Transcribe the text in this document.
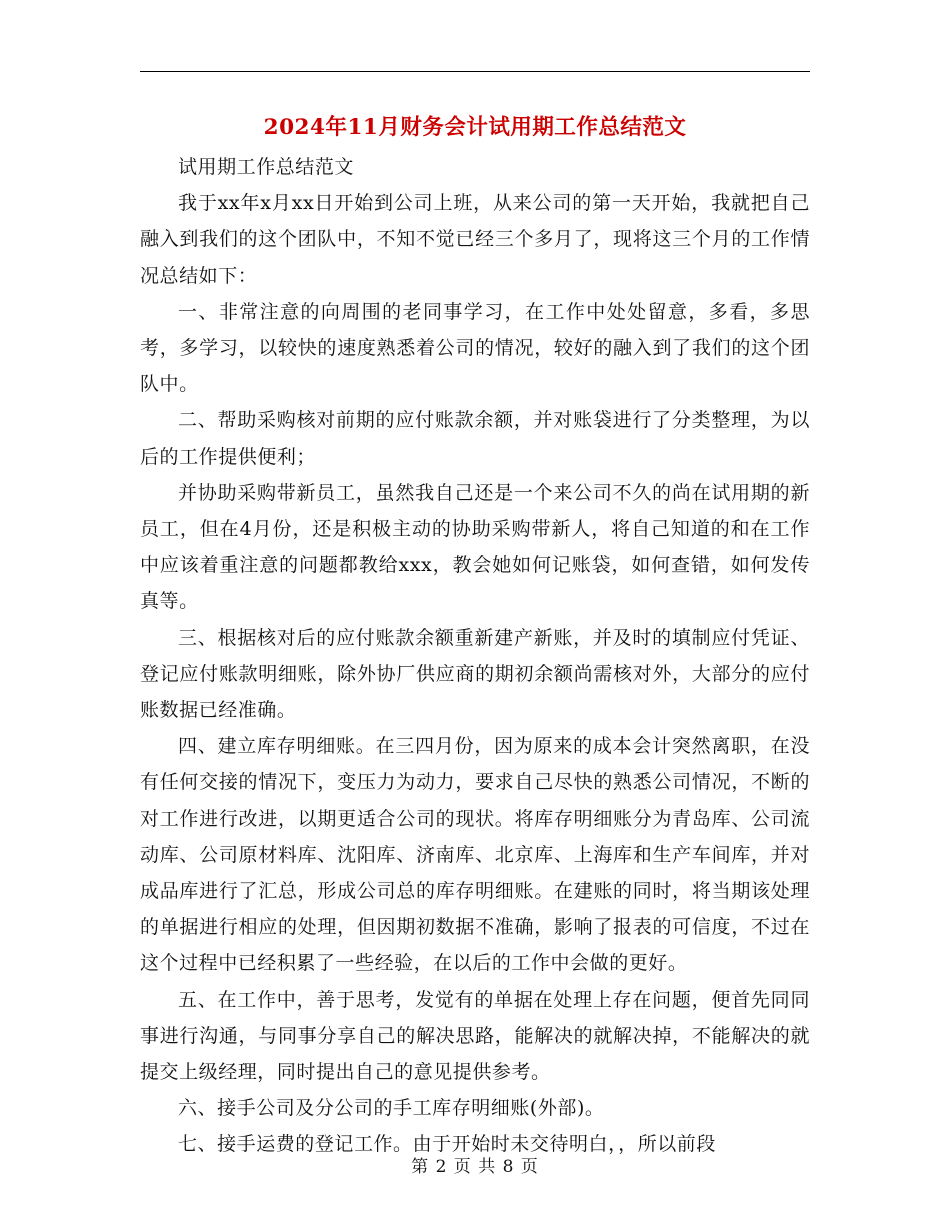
2024年11月财务会计试用期工作总结范文

试用期工作总结范文

我于xx年x月xx日开始到公司上班，从来公司的第一天开始，我就把自己融入到我们的这个团队中，不知不觉已经三个多月了，现将这三个月的工作情况总结如下：

一、非常注意的向周围的老同事学习，在工作中处处留意，多看，多思考，多学习，以较快的速度熟悉着公司的情况，较好的融入到了我们的这个团队中。

二、帮助采购核对前期的应付账款余额，并对账袋进行了分类整理，为以后的工作提供便利；

并协助采购带新员工，虽然我自己还是一个来公司不久的尚在试用期的新员工，但在4月份，还是积极主动的协助采购带新人，将自己知道的和在工作中应该着重注意的问题都教给xxx，教会她如何记账袋，如何查错，如何发传真等。

三、根据核对后的应付账款余额重新建产新账，并及时的填制应付凭证、登记应付账款明细账，除外协厂供应商的期初余额尚需核对外，大部分的应付账数据已经准确。

四、建立库存明细账。在三四月份，因为原来的成本会计突然离职，在没有任何交接的情况下，变压力为动力，要求自己尽快的熟悉公司情况，不断的对工作进行改进，以期更适合公司的现状。将库存明细账分为青岛库、公司流动库、公司原材料库、沈阳库、济南库、北京库、上海库和生产车间库，并对成品库进行了汇总，形成公司总的库存明细账。在建账的同时，将当期该处理的单据进行相应的处理，但因期初数据不准确，影响了报表的可信度，不过在这个过程中已经积累了一些经验，在以后的工作中会做的更好。

五、在工作中，善于思考，发觉有的单据在处理上存在问题，便首先同同事进行沟通，与同事分享自己的解决思路，能解决的就解决掉，不能解决的就提交上级经理，同时提出自己的意见提供参考。

六、接手公司及分公司的手工库存明细账(外部)。

七、接手运费的登记工作。由于开始时未交待明白，，所以前段

第 2 页 共 8 页
